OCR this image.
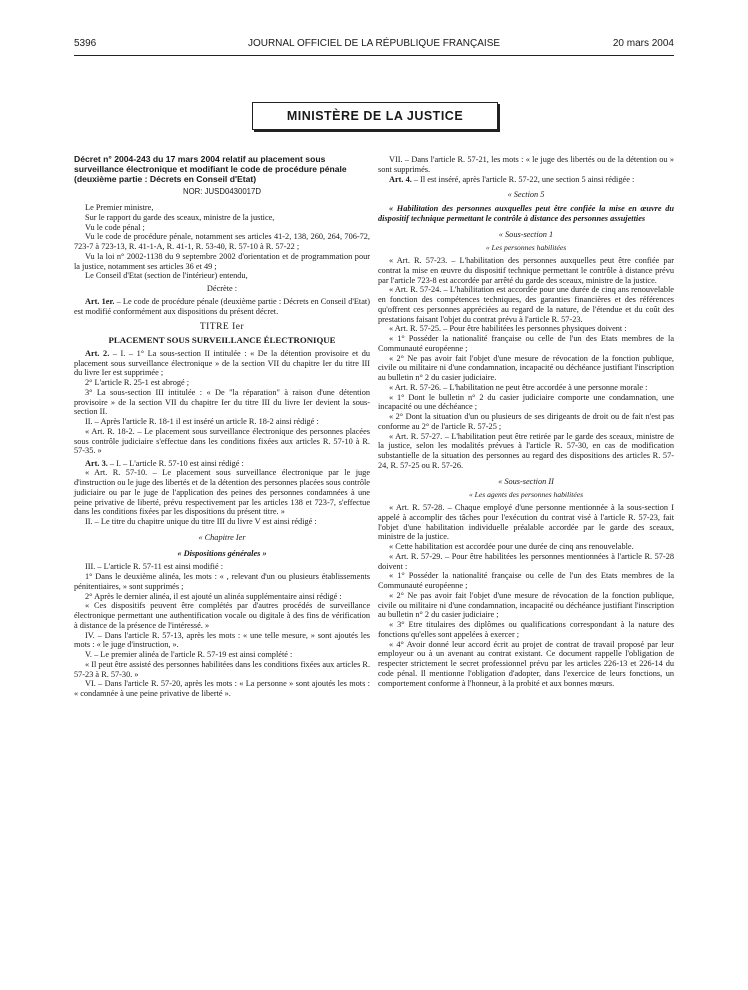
5396	JOURNAL OFFICIEL DE LA RÉPUBLIQUE FRANÇAISE	20 mars 2004
MINISTÈRE DE LA JUSTICE
Décret n° 2004-243 du 17 mars 2004 relatif au placement sous surveillance électronique et modifiant le code de procédure pénale (deuxième partie : Décrets en Conseil d'Etat)
NOR: JUSD0430017D

Le Premier ministre,

Sur le rapport du garde des sceaux, ministre de la justice,

Vu le code pénal ;

Vu le code de procédure pénale, notamment ses articles 41-2, 138, 260, 264, 706-72, 723-7 à 723-13, R. 41-1-A, R. 41-1, R. 53-40, R. 57-10 à R. 57-22 ;

Vu la loi n° 2002-1138 du 9 septembre 2002 d'orientation et de programmation pour la justice, notamment ses articles 36 et 49 ;

Le Conseil d'Etat (section de l'intérieur) entendu,

Décrète :

Art. 1er. – Le code de procédure pénale (deuxième partie : Décrets en Conseil d'Etat) est modifié conformément aux dispositions du présent décret.

TITRE Ier
PLACEMENT SOUS SURVEILLANCE ÉLECTRONIQUE

Art. 2. – I. – 1° La sous-section II intitulée : « De la détention provisoire et du placement sous surveillance électronique » de la section VII du chapitre Ier du titre III du livre Ier est supprimée ;

2° L'article R. 25-1 est abrogé ;

3° La sous-section III intitulée : « De "la réparation" à raison d'une détention provisoire » de la section VII du chapitre Ier du titre III du livre Ier devient la sous-section II.

II. – Après l'article R. 18-1 il est inséré un article R. 18-2 ainsi rédigé :

« Art. R. 18-2. – Le placement sous surveillance électronique des personnes placées sous contrôle judiciaire s'effectue dans les conditions fixées aux articles R. 57-10 à R. 57-35. »

Art. 3. – I. – L'article R. 57-10 est ainsi rédigé :

« Art. R. 57-10. – Le placement sous surveillance électronique par le juge d'instruction ou le juge des libertés et de la détention des personnes placées sous contrôle judiciaire ou par le juge de l'application des peines des personnes condamnées à une peine privative de liberté, prévu respectivement par les articles 138 et 723-7, s'effectue dans les conditions fixées par les dispositions du présent titre. »

II. – Le titre du chapitre unique du titre III du livre V est ainsi rédigé :

« Chapitre Ier
« Dispositions générales »

III. – L'article R. 57-11 est ainsi modifié :

1° Dans le deuxième alinéa, les mots : « , relevant d'un ou plusieurs établissements pénitentiaires, » sont supprimés ;

2° Après le dernier alinéa, il est ajouté un alinéa supplémentaire ainsi rédigé :

« Ces dispositifs peuvent être complétés par d'autres procédés de surveillance électronique permettant une authentification vocale ou digitale à des fins de vérification à distance de la présence de l'intéressé. »

IV. – Dans l'article R. 57-13, après les mots : « une telle mesure, » sont ajoutés les mots : « le juge d'instruction, ».

V. – Le premier alinéa de l'article R. 57-19 est ainsi complété :

« Il peut être assisté des personnes habilitées dans les conditions fixées aux articles R. 57-23 à R. 57-30. »

VI. – Dans l'article R. 57-20, après les mots : « La personne » sont ajoutés les mots : « condamnée à une peine privative de liberté ».

VII. – Dans l'article R. 57-21, les mots : « le juge des libertés ou de la détention ou » sont supprimés.

Art. 4. – Il est inséré, après l'article R. 57-22, une section 5 ainsi rédigée :

« Section 5

« Habilitation des personnes auxquelles peut être confiée la mise en œuvre du dispositif technique permettant le contrôle à distance des personnes assujetties

« Sous-section 1
« Les personnes habilitées

« Art. R. 57-23. – L'habilitation des personnes auxquelles peut être confiée par contrat la mise en œuvre du dispositif technique permettant le contrôle à distance prévu par l'article 723-8 est accordée par arrêté du garde des sceaux, ministre de la justice.

« Art. R. 57-24. – L'habilitation est accordée pour une durée de cinq ans renouvelable en fonction des compétences techniques, des garanties financières et des références qu'offrent ces personnes appréciées au regard de la nature, de l'étendue et du coût des prestations faisant l'objet du contrat prévu à l'article R. 57-23.

« Art. R. 57-25. – Pour être habilitées les personnes physiques doivent :

« 1° Posséder la nationalité française ou celle de l'un des Etats membres de la Communauté européenne ;

« 2° Ne pas avoir fait l'objet d'une mesure de révocation de la fonction publique, civile ou militaire ni d'une condamnation, incapacité ou déchéance justifiant l'inscription au bulletin n° 2 du casier judiciaire.

« Art. R. 57-26. – L'habilitation ne peut être accordée à une personne morale :

« 1° Dont le bulletin n° 2 du casier judiciaire comporte une condamnation, une incapacité ou une déchéance ;

« 2° Dont la situation d'un ou plusieurs de ses dirigeants de droit ou de fait n'est pas conforme au 2° de l'article R. 57-25 ;

« Art. R. 57-27. – L'habilitation peut être retirée par le garde des sceaux, ministre de la justice, selon les modalités prévues à l'article R. 57-30, en cas de modification substantielle de la situation des personnes au regard des dispositions des articles R. 57-24, R. 57-25 ou R. 57-26.

« Sous-section II
« Les agents des personnes habilitées

« Art. R. 57-28. – Chaque employé d'une personne mentionnée à la sous-section I appelé à accomplir des tâches pour l'exécution du contrat visé à l'article R. 57-23, fait l'objet d'une habilitation individuelle préalable accordée par le garde des sceaux, ministre de la justice.

« Cette habilitation est accordée pour une durée de cinq ans renouvelable.

« Art. R. 57-29. – Pour être habilitées les personnes mentionnées à l'article R. 57-28 doivent :

« 1° Posséder la nationalité française ou celle de l'un des Etats membres de la Communauté européenne ;

« 2° Ne pas avoir fait l'objet d'une mesure de révocation de la fonction publique, civile ou militaire ni d'une condamnation, incapacité ou déchéance justifiant l'inscription au bulletin n° 2 du casier judiciaire ;

« 3° Etre titulaires des diplômes ou qualifications correspondant à la nature des fonctions qu'elles sont appelées à exercer ;

« 4° Avoir donné leur accord écrit au projet de contrat de travail proposé par leur employeur ou à un avenant au contrat existant. Ce document rappelle l'obligation de respecter strictement le secret professionnel prévu par les articles 226-13 et 226-14 du code pénal. Il mentionne l'obligation d'adopter, dans l'exercice de leurs fonctions, un comportement conforme à l'honneur, à la probité et aux bonnes mœurs.
